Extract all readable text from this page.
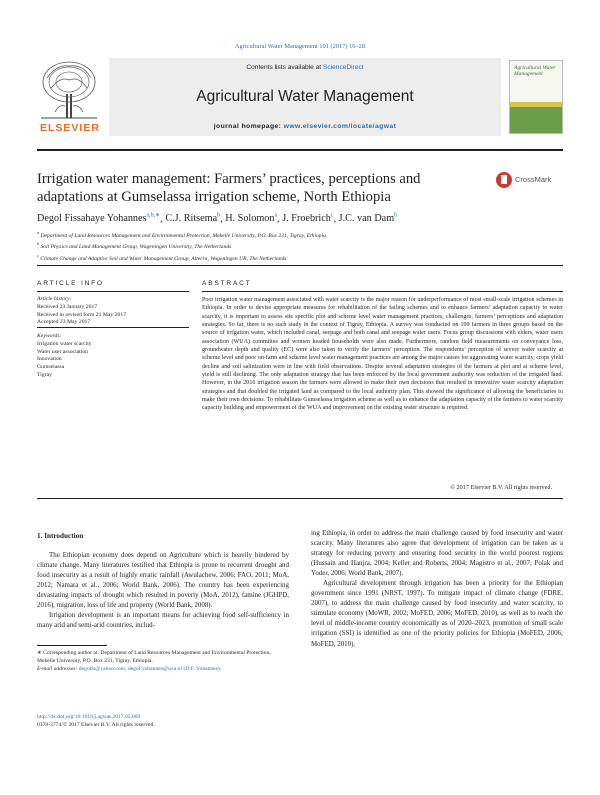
Agricultural Water Management 191 (2017) 16–28
ELSEVIER
Contents lists available at ScienceDirect
Agricultural Water Management
journal homepage: www.elsevier.com/locate/agwat
Agricultural Water Management
Irrigation water management: Farmers’ practices, perceptions and
adaptations at Gumselassa irrigation scheme, North Ethiopia
CrossMark
Degol Fissahaye Yohannes$^{a,b,∗}$, C.J. Ritsema$^b$, H. Solomon$^a$, J. Froebrich$^c$, J.C. van Dam$^b$
$^a$ Department of Land Resources Management and Environmental Protection, Mekelle University, P.O. Box 231, Tigray, Ethiopia
$^b$ Soil Physics and Land Management Group, Wageningen University, The Netherlands
$^c$ Climate Change and Adaptive Soil and Water Management Group, Alterra, Wageningen UR, The Netherlands
ARTICLE INFO	ABSTRACT
Article history:
Received 23 January 2017
Received in revised form 21 May 2017
Accepted 23 May 2017
Keywords:
Irrigation water scarcity
Water user association
Innovation
Gumselassa
Tigray
Poor irrigation water management associated with water scarcity is the major reason for underperformance of most small-scale irrigation schemes in Ethiopia. In order to devise appropriate measures for rehabilitation of the failing schemes and to enhance farmers’ adaptation capacity to water scarcity, it is important to assess site specific plot and scheme level water management practices, challenges, farmers’ perceptions and adaptation strategies. So far, there is no such study in the context of Tigray, Ethiopia. A survey was conducted on 109 farmers in three groups based on the source of irrigation water, which included canal, seepage and both canal and seepage water users. Focus group discussions with elders, water users association (WUA) committee and women headed households were also made. Furthermore, random field measurements on conveyance loss, groundwater depth and quality (EC) were also taken to verify the farmers’ perception. The respondents’ perception of severe water scarcity at scheme level and poor on-farm and scheme level water management practices are among the major causes for aggravating water scarcity, crops yield decline and soil salinization were in line with field observations. Despite several adaptation strategies of the farmers at plot and at scheme level, yield is still declining. The only adaptation strategy that has been enforced by the local government authority was reduction of the irrigated land. However, in the 2016 irrigation season the farmers were allowed to make their own decisions that resulted in innovative water scarcity adaptation strategies and that doubled the irrigated land as compared to the local authority plan. This showed the significance of allowing the beneficiaries to make their own decisions. To rehabilitate Gumselassa irrigation scheme as well as to enhance the adaptation capacity of the farmers to water scarcity capacity building and empowerment of the WUA and improvement on the existing water structure is required.
© 2017 Elsevier B.V. All rights reserved.
1. Introduction

The Ethiopian economy does depend on Agriculture which is heavily hindered by climate change. Many literatures testified that Ethiopia is prone to recurrent drought and food insecurity as a result of highly erratic rainfall (Awulachew, 2006; FAO, 2011; MoA, 2012; Namara et al., 2006; World Bank, 2006). The country has been experiencing devastating impacts of drought which resulted in poverty (MoA, 2012), famine (JGHPD, 2016), migration, loss of life and property (World Bank, 2008).

Irrigation development is an important means for achieving food self-sufficiency in many arid and semi-arid countries, includ-

ing Ethiopia, in order to address the main challenge caused by food insecurity and water scarcity. Many literatures also agree that development of irrigation can be taken as a strategy for reducing poverty and ensuring food security in the world poorest regions (Hussain and Hanjra, 2004; Keller and Roberts, 2004; Magistro et al., 2007; Polak and Yoder, 2006; World Bank, 2007).

Agricultural development through irrigation has been a priority for the Ethiopian government since 1991 (NRST, 1997). To mitigate impact of climate change (FDRE, 2007), to address the main challenge caused by food insecurity and water scarcity, to stimulate economy (MoWR, 2002; MoFED, 2006; MoFED, 2010), as well as to reach the level of middle-income country economically as of 2020–2023, promotion of small scale irrigation (SSI) is identified as one of the priority policies for Ethiopia (MoFED, 2006; MoFED, 2010).

∗ Corresponding author at: Department of Land Resources Management and Environmental Protection, Mekelle University, P.O. Box 231, Tigray, Ethiopia.
E-mail addresses: degolfs@yahoo.com, degol.yohannes@wur.nl (D.F. Yohannes).
http://dx.doi.org/10.1016/j.agwat.2017.05.009
0378-3774/© 2017 Elsevier B.V. All rights reserved.
